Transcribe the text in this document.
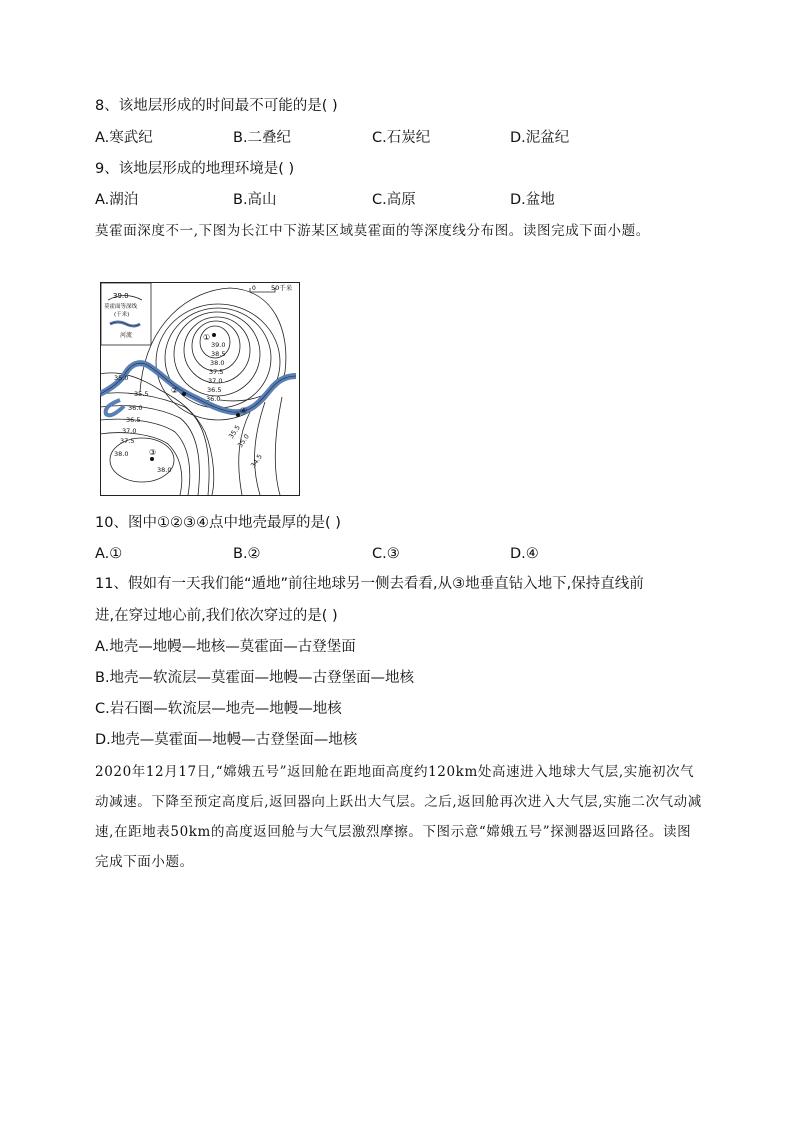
8、该地层形成的时间最不可能的是( )
A.寒武纪	B.二叠纪	C.石炭纪	D.泥盆纪
9、该地层形成的地理环境是( )
A.湖泊	B.高山	C.高原	D.盆地
莫霍面深度不一,下图为长江中下游某区域莫霍面的等深度线分布图。读图完成下面小题。
39.0
莫霍面等深线
(千米)
河流
0 50千米
①
②
③
④
39.0
38.5
38.0
37.5
37.0
36.5
36.0
35.0
35.5
36.0
36.5
37.0
37.5
38.0
38.0
35.5
35.0
34.5
10、图中①②③④点中地壳最厚的是( )
A.①	B.②	C.③	D.④
11、假如有一天我们能“遁地”前往地球另一侧去看看,从③地垂直钻入地下,保持直线前
进,在穿过地心前,我们依次穿过的是( )
A.地壳—地幔—地核—莫霍面—古登堡面
B.地壳—软流层—莫霍面—地幔—古登堡面—地核
C.岩石圈—软流层—地壳—地幔—地核
D.地壳—莫霍面—地幔—古登堡面—地核
2020年12月17日,“嫦娥五号”返回舱在距地面高度约120km处高速进入地球大气层,实施初次气动减速。下降至预定高度后,返回器向上跃出大气层。之后,返回舱再次进入大气层,实施二次气动减速,在距地表50km的高度返回舱与大气层激烈摩擦。下图示意“嫦娥五号”探测器返回路径。读图完成下面小题。
